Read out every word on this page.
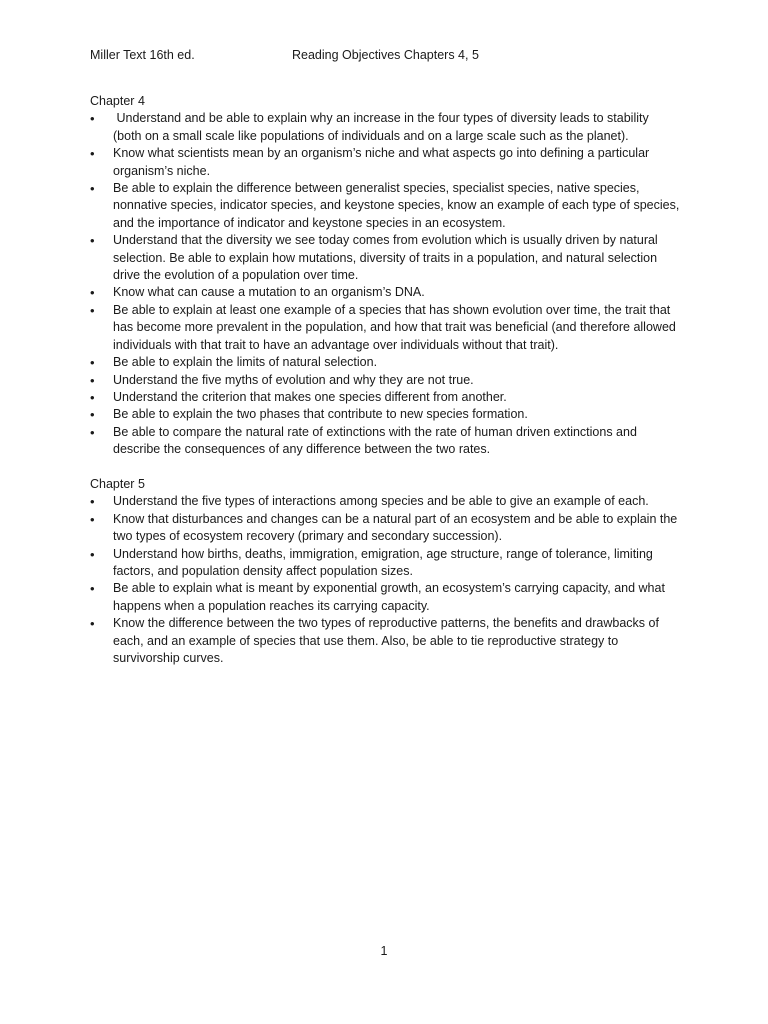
Miller Text 16th ed.	Reading Objectives Chapters 4, 5
Chapter 4
•	Understand and be able to explain why an increase in the four types of diversity leads to stability (both on a small scale like populations of individuals and on a large scale such as the planet).
•	Know what scientists mean by an organism’s niche and what aspects go into defining a particular organism’s niche.
•	Be able to explain the difference between generalist species, specialist species, native species, nonnative species, indicator species, and keystone species, know an example of each type of species, and the importance of indicator and keystone species in an ecosystem.
•	Understand that the diversity we see today comes from evolution which is usually driven by natural selection. Be able to explain how mutations, diversity of traits in a population, and natural selection drive the evolution of a population over time.
•	Know what can cause a mutation to an organism’s DNA.
•	Be able to explain at least one example of a species that has shown evolution over time, the trait that has become more prevalent in the population, and how that trait was beneficial (and therefore allowed individuals with that trait to have an advantage over individuals without that trait).
•	Be able to explain the limits of natural selection.
•	Understand the five myths of evolution and why they are not true.
•	Understand the criterion that makes one species different from another.
•	Be able to explain the two phases that contribute to new species formation.
•	Be able to compare the natural rate of extinctions with the rate of human driven extinctions and describe the consequences of any difference between the two rates.
Chapter 5
•	Understand the five types of interactions among species and be able to give an example of each.
•	Know that disturbances and changes can be a natural part of an ecosystem and be able to explain the two types of ecosystem recovery (primary and secondary succession).
•	Understand how births, deaths, immigration, emigration, age structure, range of tolerance, limiting factors, and population density affect population sizes.
•	Be able to explain what is meant by exponential growth, an ecosystem’s carrying capacity, and what happens when a population reaches its carrying capacity.
•	Know the difference between the two types of reproductive patterns, the benefits and drawbacks of each, and an example of species that use them. Also, be able to tie reproductive strategy to survivorship curves.
1
